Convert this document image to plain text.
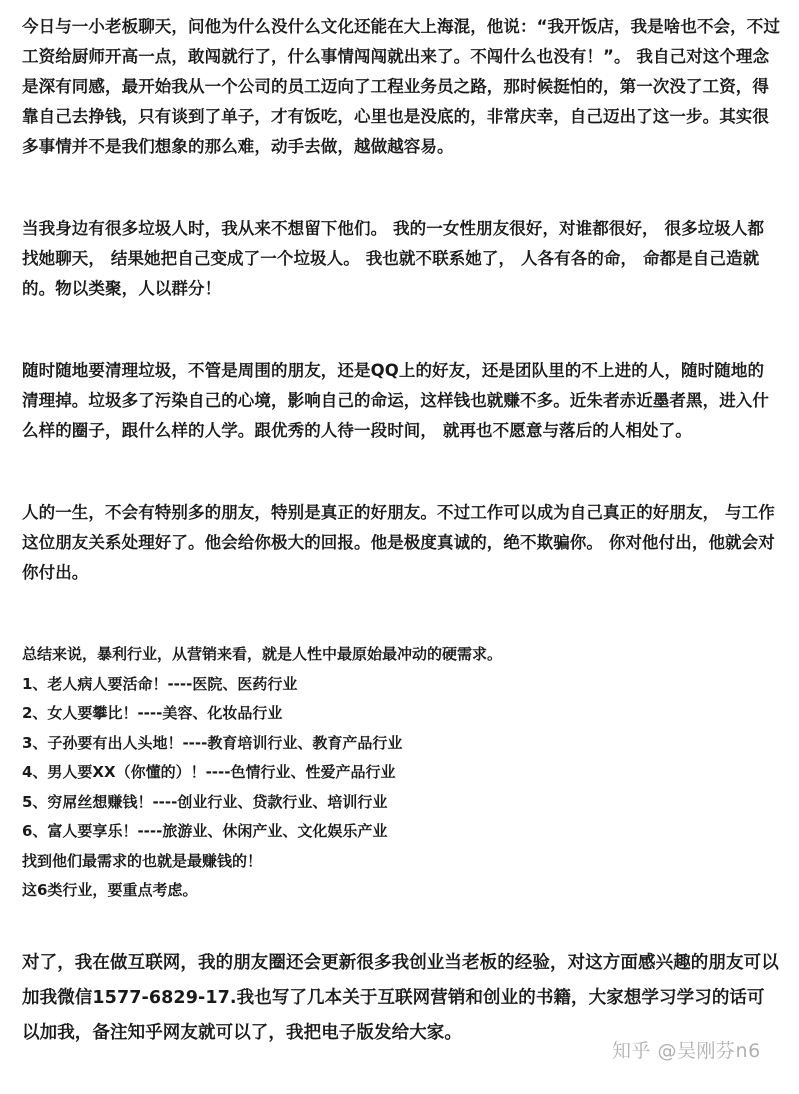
今日与一小老板聊天，问他为什么没什么文化还能在大上海混，他说：“我开饭店，我是啥也不会，不过工资给厨师开高一点，敢闯就行了，什么事情闯闯就出来了。不闯什么也没有！”。 我自己对这个理念是深有同感，最开始我从一个公司的员工迈向了工程业务员之路，那时候挺怕的，第一次没了工资，得靠自己去挣钱，只有谈到了单子，才有饭吃，心里也是没底的，非常庆幸，自己迈出了这一步。其实很多事情并不是我们想象的那么难，动手去做，越做越容易。

当我身边有很多垃圾人时，我从来不想留下他们。 我的一女性朋友很好，对谁都很好， 很多垃圾人都找她聊天， 结果她把自己变成了一个垃圾人。 我也就不联系她了， 人各有各的命， 命都是自己造就的。物以类聚，人以群分！

随时随地要清理垃圾，不管是周围的朋友，还是QQ上的好友，还是团队里的不上进的人，随时随地的清理掉。垃圾多了污染自己的心境，影响自己的命运，这样钱也就赚不多。近朱者赤近墨者黑，进入什么样的圈子，跟什么样的人学。跟优秀的人待一段时间， 就再也不愿意与落后的人相处了。

人的一生，不会有特别多的朋友，特别是真正的好朋友。不过工作可以成为自己真正的好朋友， 与工作这位朋友关系处理好了。他会给你极大的回报。他是极度真诚的，绝不欺骗你。 你对他付出，他就会对你付出。

总结来说，暴利行业，从营销来看，就是人性中最原始最冲动的硬需求。
1、老人病人要活命！----医院、医药行业
2、女人要攀比！----美容、化妆品行业
3、子孙要有出人头地！----教育培训行业、教育产品行业
4、男人要XX（你懂的）！----色情行业、性爱产品行业
5、穷屌丝想赚钱！----创业行业、贷款行业、培训行业
6、富人要享乐！----旅游业、休闲产业、文化娱乐产业
找到他们最需求的也就是最赚钱的！
这6类行业，要重点考虑。

对了，我在做互联网，我的朋友圈还会更新很多我创业当老板的经验，对这方面感兴趣的朋友可以加我微信1577-6829-17.我也写了几本关于互联网营销和创业的书籍，大家想学习学习的话可以加我，备注知乎网友就可以了，我把电子版发给大家。

知乎 @吴刚芬n6
